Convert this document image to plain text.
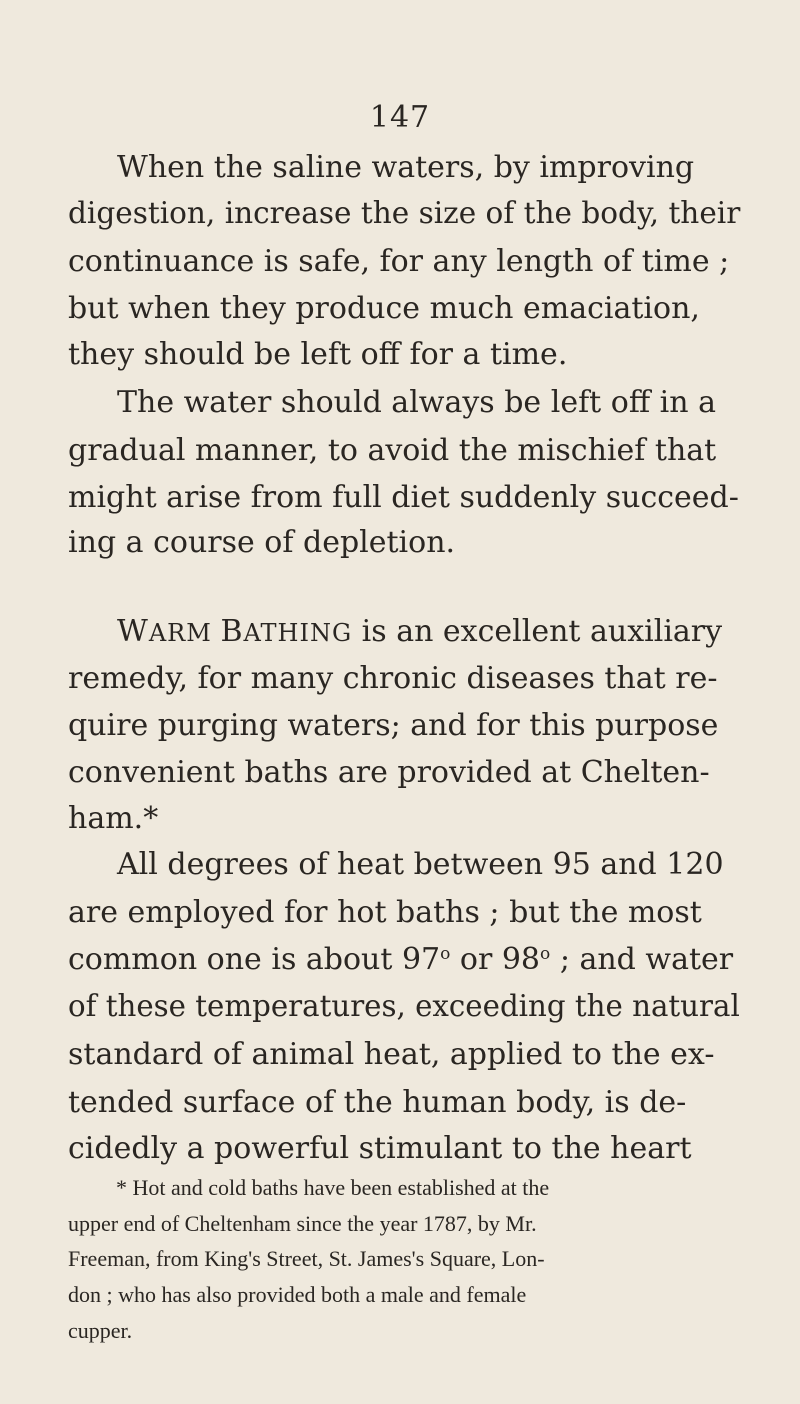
147
When the saline waters, by improving
digestion, increase the size of the body, their
continuance is safe, for any length of time ;
but when they produce much emaciation,
they should be left off for a time.
The water should always be left off in a
gradual manner, to avoid the mischief that
might arise from full diet suddenly succeed-
ing a course of depletion.
WARM BATHING is an excellent auxiliary
remedy, for many chronic diseases that re-
quire purging waters; and for this purpose
convenient baths are provided at Chelten-
ham.*
All degrees of heat between 95 and 120
are employed for hot baths ; but the most
common one is about 97$^o$ or 98$^o$ ; and water
of these temperatures, exceeding the natural
standard of animal heat, applied to the ex-
tended surface of the human body, is de-
cidedly a powerful stimulant to the heart
* Hot and cold baths have been established at the
upper end of Cheltenham since the year 1787, by Mr.
Freeman, from King's Street, St. James's Square, Lon-
don ; who has also provided both a male and female
cupper.
